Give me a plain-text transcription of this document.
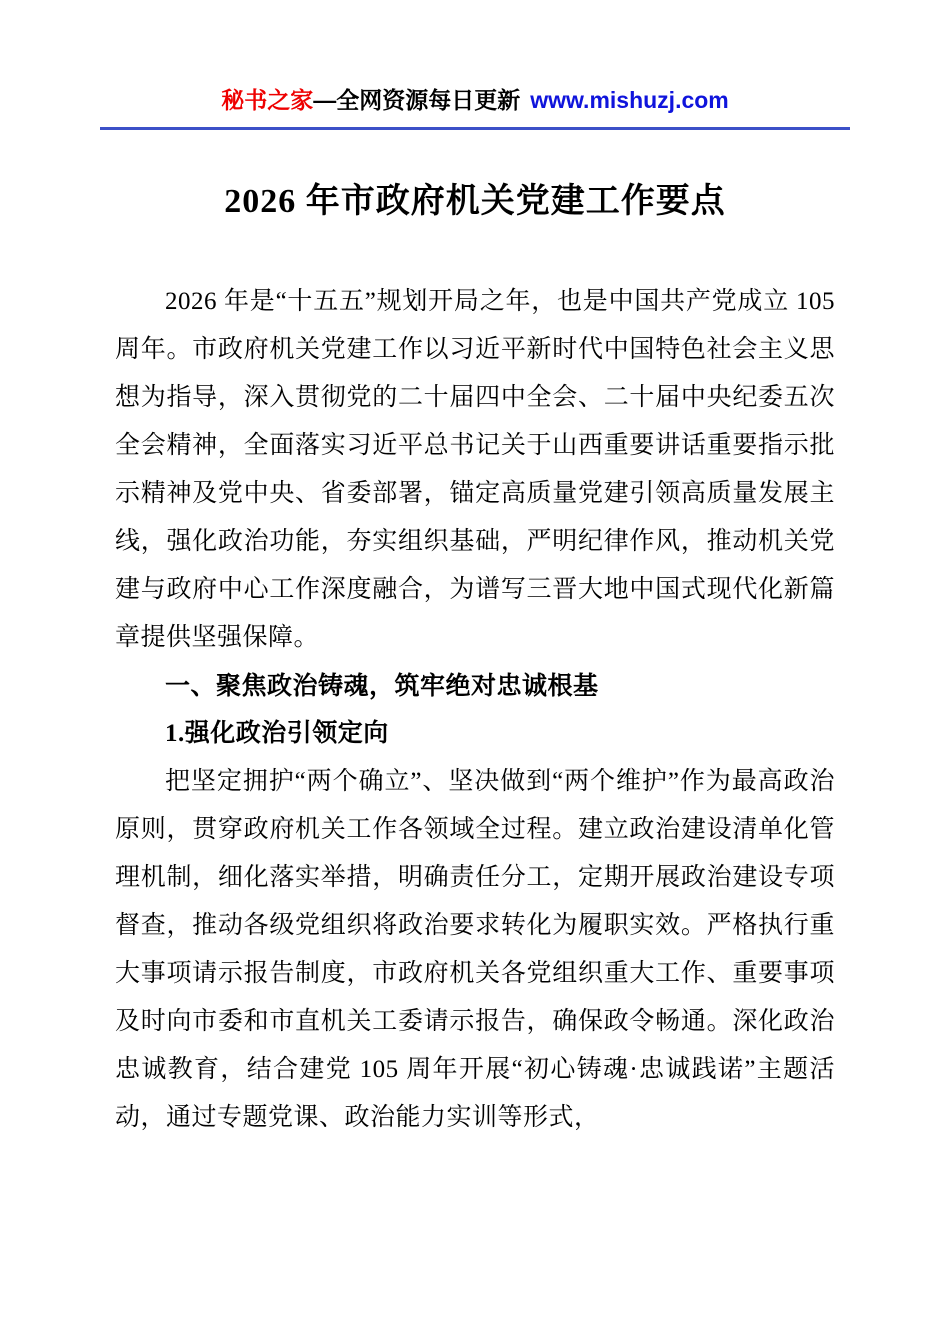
秘书之家—全网资源每日更新 www.mishuzj.com
2026 年市政府机关党建工作要点

2026 年是“十五五”规划开局之年，也是中国共产党成立 105 周年。市政府机关党建工作以习近平新时代中国特色社会主义思想为指导，深入贯彻党的二十届四中全会、二十届中央纪委五次全会精神，全面落实习近平总书记关于山西重要讲话重要指示批示精神及党中央、省委部署，锚定高质量党建引领高质量发展主线，强化政治功能，夯实组织基础，严明纪律作风，推动机关党建与政府中心工作深度融合，为谱写三晋大地中国式现代化新篇章提供坚强保障。

一、聚焦政治铸魂，筑牢绝对忠诚根基
1.强化政治引领定向

把坚定拥护“两个确立”、坚决做到“两个维护”作为最高政治原则，贯穿政府机关工作各领域全过程。建立政治建设清单化管理机制，细化落实举措，明确责任分工，定期开展政治建设专项督查，推动各级党组织将政治要求转化为履职实效。严格执行重大事项请示报告制度，市政府机关各党组织重大工作、重要事项及时向市委和市直机关工委请示报告，确保政令畅通。深化政治忠诚教育，结合建党 105 周年开展“初心铸魂·忠诚践诺”主题活动，通过专题党课、政治能力实训等形式，
